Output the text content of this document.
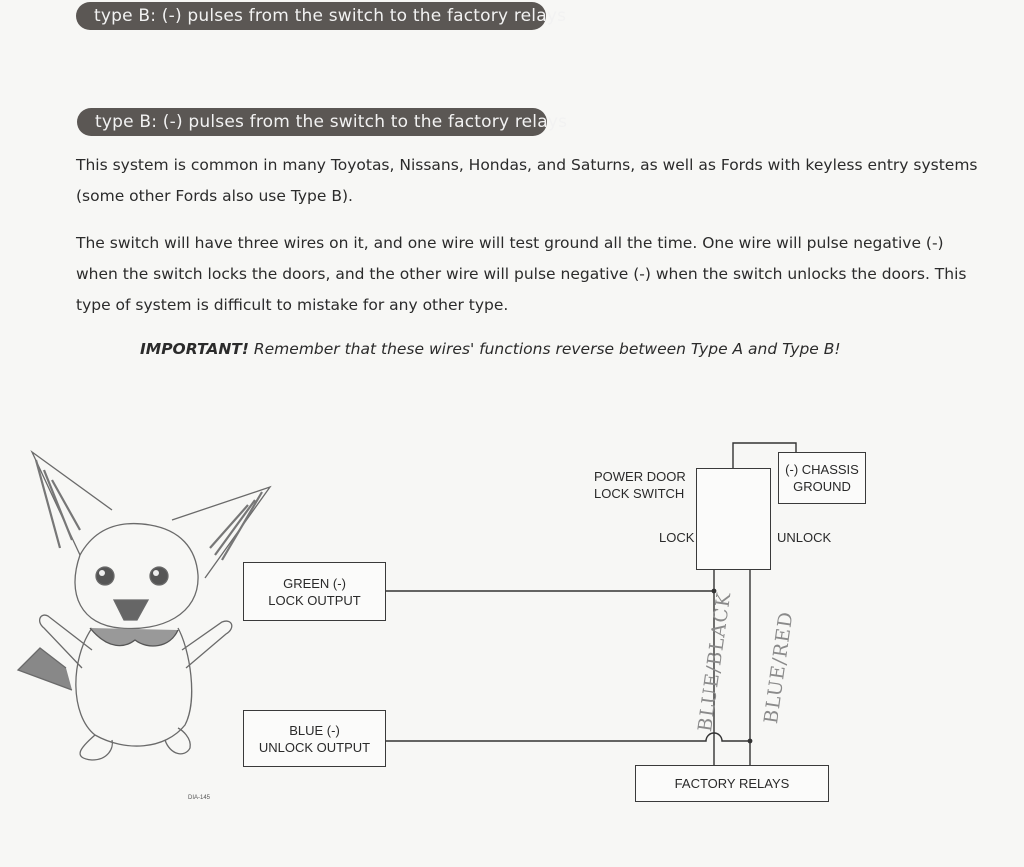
type B: (-) pulses from the switch to the factory relays
type B: (-) pulses from the switch to the factory relays

This system is common in many Toyotas, Nissans, Hondas, and Saturns, as well as Fords with keyless entry systems (some other Fords also use Type B).

The switch will have three wires on it, and one wire will test ground all the time. One wire will pulse negative (-) when the switch locks the doors, and the other wire will pulse negative (-) when the switch unlocks the doors. This type of system is difficult to mistake for any other type.

IMPORTANT! Remember that these wires' functions reverse between Type A and Type B!
POWER DOOR
LOCK SWITCH
(-) CHASSIS
GROUND
LOCK	UNLOCK
GREEN (-)
LOCK OUTPUT
BLUE (-)
UNLOCK OUTPUT
FACTORY RELAYS
BLUE/BLACK BLUE/RED
DIA-145
